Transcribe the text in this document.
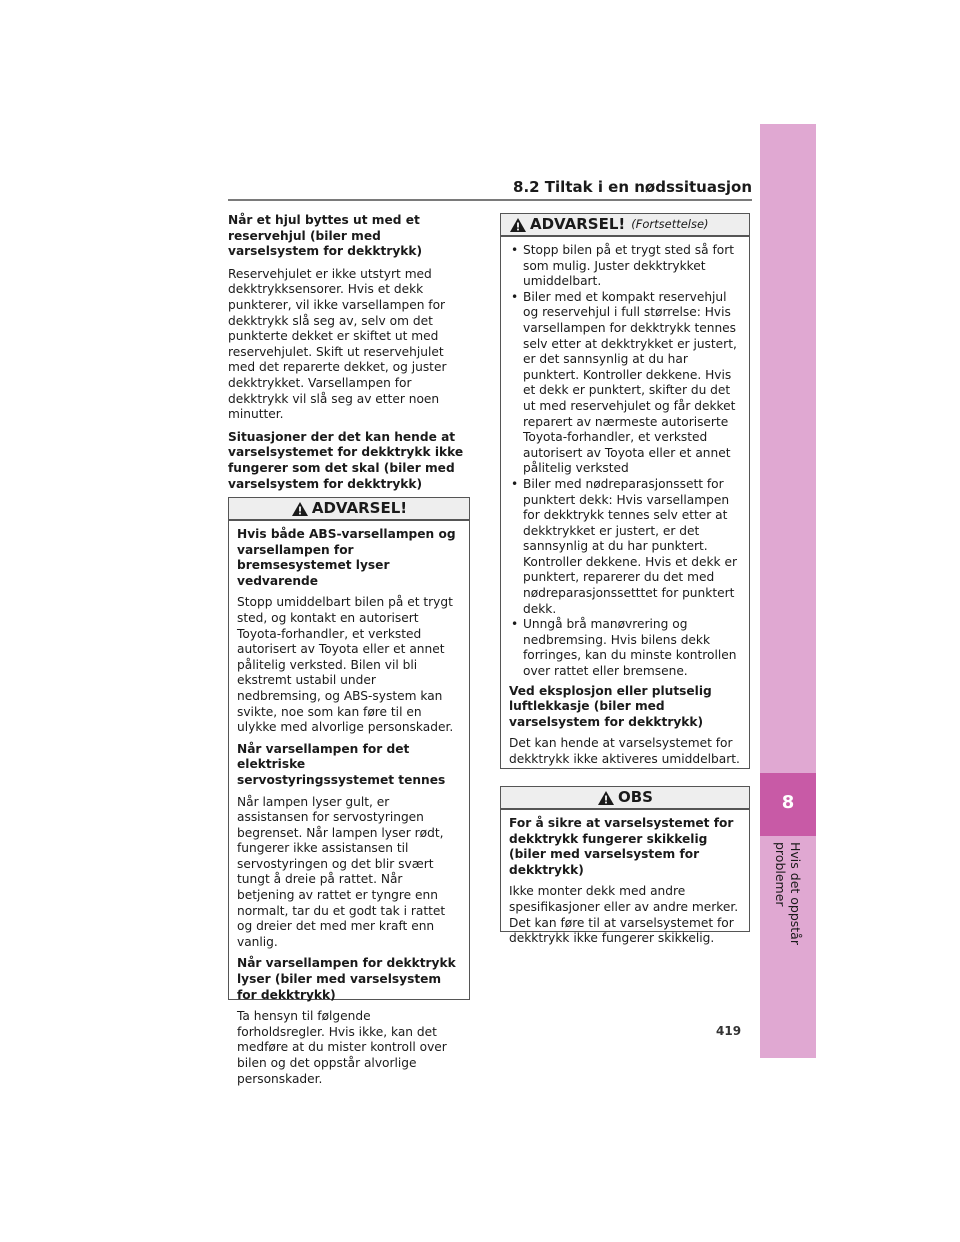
8.2 Tiltak i en nødssituasjon
8
Hvis det oppstår problemer
Når et hjul byttes ut med et reservehjul (biler med varselsystem for dekktrykk)
Reservehjulet er ikke utstyrt med dekktrykksensorer. Hvis et dekk punkterer, vil ikke varsellampen for dekktrykk slå seg av, selv om det punkterte dekket er skiftet ut med reservehjulet. Skift ut reservehjulet med det reparerte dekket, og juster dekktrykket. Varsellampen for dekktrykk vil slå seg av etter noen minutter.
Situasjoner der det kan hende at varselsystemet for dekktrykk ikke fungerer som det skal (biler med varselsystem for dekktrykk)
ADVARSEL!
Hvis både ABS-varsellampen og varsellampen for bremsesystemet lyser vedvarende
Stopp umiddelbart bilen på et trygt sted, og kontakt en autorisert Toyota-forhandler, et verksted autorisert av Toyota eller et annet pålitelig verksted. Bilen vil bli ekstremt ustabil under nedbremsing, og ABS-system kan svikte, noe som kan føre til en ulykke med alvorlige personskader.
Når varsellampen for det elektriske servostyringssystemet tennes
Når lampen lyser gult, er assistansen for servostyringen begrenset. Når lampen lyser rødt, fungerer ikke assistansen til servostyringen og det blir svært tungt å dreie på rattet. Når betjening av rattet er tyngre enn normalt, tar du et godt tak i rattet og dreier det med mer kraft enn vanlig.
Når varsellampen for dekktrykk lyser (biler med varselsystem for dekktrykk)
Ta hensyn til følgende forholdsregler. Hvis ikke, kan det medføre at du mister kontroll over bilen og det oppstår alvorlige personskader.
ADVARSEL! (Fortsettelse)
• Stopp bilen på et trygt sted så fort som mulig. Juster dekktrykket umiddelbart.
• Biler med et kompakt reservehjul og reservehjul i full størrelse: Hvis varsellampen for dekktrykk tennes selv etter at dekktrykket er justert, er det sannsynlig at du har punktert. Kontroller dekkene. Hvis et dekk er punktert, skifter du det ut med reservehjulet og får dekket reparert av nærmeste autoriserte Toyota-forhandler, et verksted autorisert av Toyota eller et annet pålitelig verksted
• Biler med nødreparasjonssett for punktert dekk: Hvis varsellampen for dekktrykk tennes selv etter at dekktrykket er justert, er det sannsynlig at du har punktert. Kontroller dekkene. Hvis et dekk er punktert, reparerer du det med nødreparasjonssetttet for punktert dekk.
• Unngå brå manøvrering og nedbremsing. Hvis bilens dekk forringes, kan du minste kontrollen over rattet eller bremsene.
Ved eksplosjon eller plutselig luftlekkasje (biler med varselsystem for dekktrykk)
Det kan hende at varselsystemet for dekktrykk ikke aktiveres umiddelbart.
OBS
For å sikre at varselsystemet for dekktrykk fungerer skikkelig (biler med varselsystem for dekktrykk)
Ikke monter dekk med andre spesifikasjoner eller av andre merker. Det kan føre til at varselsystemet for dekktrykk ikke fungerer skikkelig.
419
